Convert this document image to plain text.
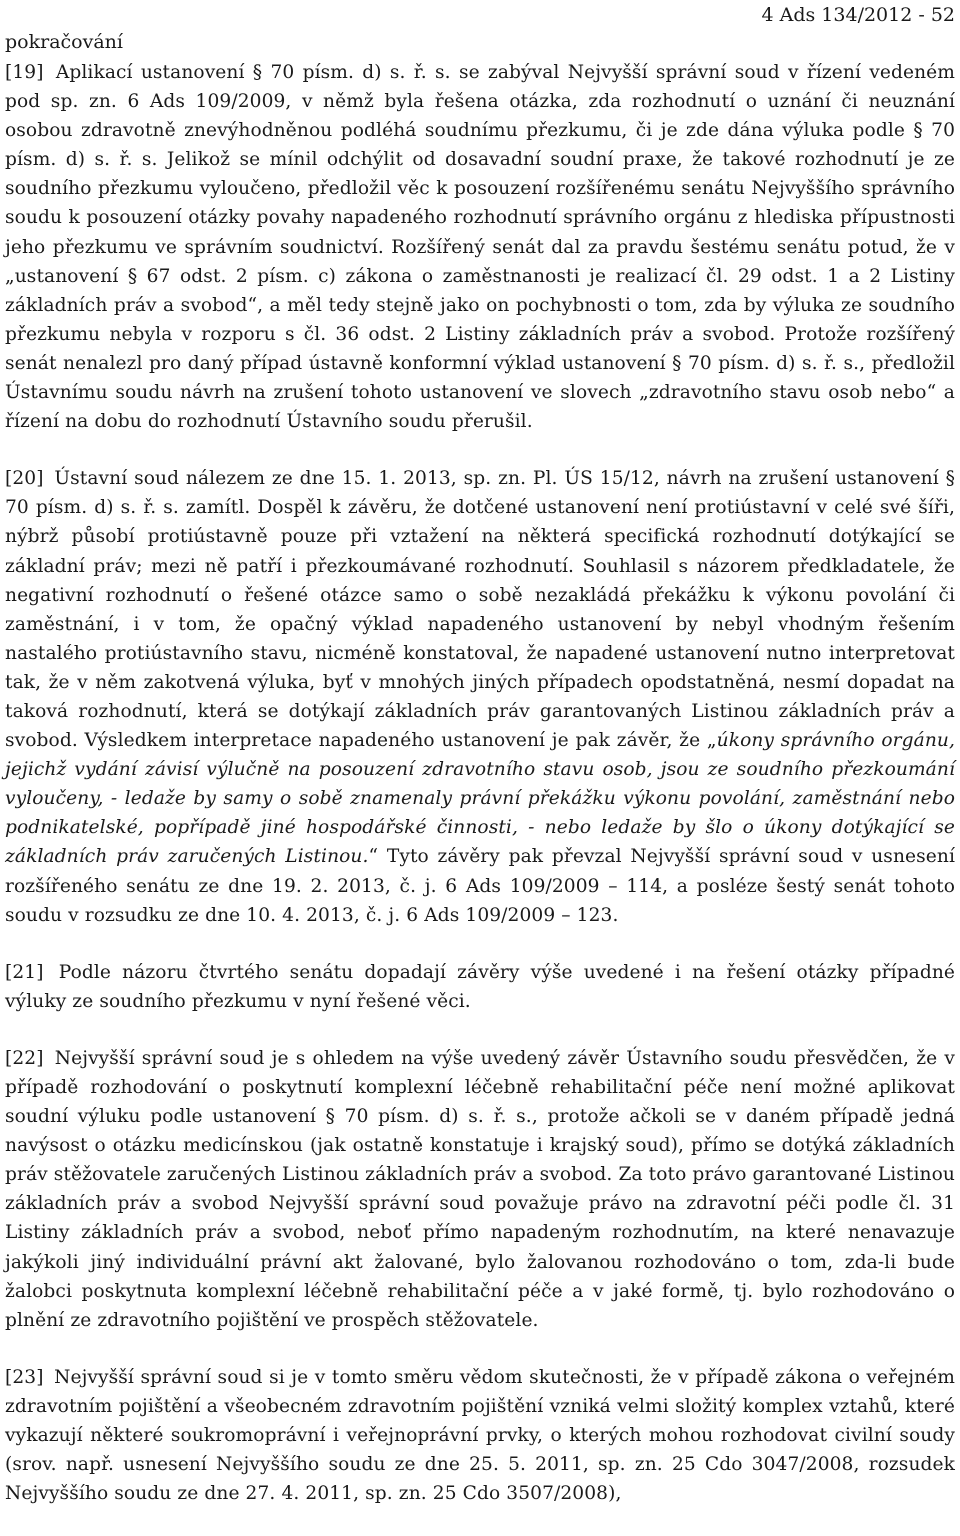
pokračování
4 Ads 134/2012 - 52

[19] Aplikací ustanovení § 70 písm. d) s. ř. s. se zabýval Nejvyšší správní soud v řízení vedeném pod sp. zn. 6 Ads 109/2009, v němž byla řešena otázka, zda rozhodnutí o uznání či neuznání osobou zdravotně znevýhodněnou podléhá soudnímu přezkumu, či je zde dána výluka podle § 70 písm. d) s. ř. s. Jelikož se mínil odchýlit od dosavadní soudní praxe, že takové rozhodnutí je ze soudního přezkumu vyloučeno, předložil věc k posouzení rozšířenému senátu Nejvyššího správního soudu k posouzení otázky povahy napadeného rozhodnutí správního orgánu z hlediska přípustnosti jeho přezkumu ve správním soudnictví. Rozšířený senát dal za pravdu šestému senátu potud, že v „ustanovení § 67 odst. 2 písm. c) zákona o zaměstnanosti je realizací čl. 29 odst. 1 a 2 Listiny základních práv a svobod“, a měl tedy stejně jako on pochybnosti o tom, zda by výluka ze soudního přezkumu nebyla v rozporu s čl. 36 odst. 2 Listiny základních práv a svobod. Protože rozšířený senát nenalezl pro daný případ ústavně konformní výklad ustanovení § 70 písm. d) s. ř. s., předložil Ústavnímu soudu návrh na zrušení tohoto ustanovení ve slovech „zdravotního stavu osob nebo“ a řízení na dobu do rozhodnutí Ústavního soudu přerušil.

[20] Ústavní soud nálezem ze dne 15. 1. 2013, sp. zn. Pl. ÚS 15/12, návrh na zrušení ustanovení § 70 písm. d) s. ř. s. zamítl. Dospěl k závěru, že dotčené ustanovení není protiústavní v celé své šíři, nýbrž působí protiústavně pouze při vztažení na některá specifická rozhodnutí dotýkající se základní práv; mezi ně patří i přezkoumávané rozhodnutí. Souhlasil s názorem předkladatele, že negativní rozhodnutí o řešené otázce samo o sobě nezakládá překážku k výkonu povolání či zaměstnání, i v tom, že opačný výklad napadeného ustanovení by nebyl vhodným řešením nastalého protiústavního stavu, nicméně konstatoval, že napadené ustanovení nutno interpretovat tak, že v něm zakotvená výluka, byť v mnohých jiných případech opodstatněná, nesmí dopadat na taková rozhodnutí, která se dotýkají základních práv garantovaných Listinou základních práv a svobod. Výsledkem interpretace napadeného ustanovení je pak závěr, že „úkony správního orgánu, jejichž vydání závisí výlučně na posouzení zdravotního stavu osob, jsou ze soudního přezkoumání vyloučeny, - ledaže by samy o sobě znamenaly právní překážku výkonu povolání, zaměstnání nebo podnikatelské, popřípadě jiné hospodářské činnosti, - nebo ledaže by šlo o úkony dotýkající se základních práv zaručených Listinou.“ Tyto závěry pak převzal Nejvyšší správní soud v usnesení rozšířeného senátu ze dne 19. 2. 2013, č. j. 6 Ads 109/2009 – 114, a posléze šestý senát tohoto soudu v rozsudku ze dne 10. 4. 2013, č. j. 6 Ads 109/2009 – 123.

[21] Podle názoru čtvrtého senátu dopadají závěry výše uvedené i na řešení otázky případné výluky ze soudního přezkumu v nyní řešené věci.

[22] Nejvyšší správní soud je s ohledem na výše uvedený závěr Ústavního soudu přesvědčen, že v případě rozhodování o poskytnutí komplexní léčebně rehabilitační péče není možné aplikovat soudní výluku podle ustanovení § 70 písm. d) s. ř. s., protože ačkoli se v daném případě jedná navýsost o otázku medicínskou (jak ostatně konstatuje i krajský soud), přímo se dotýká základních práv stěžovatele zaručených Listinou základních práv a svobod. Za toto právo garantované Listinou základních práv a svobod Nejvyšší správní soud považuje právo na zdravotní péči podle čl. 31 Listiny základních práv a svobod, neboť přímo napadeným rozhodnutím, na které nenavazuje jakýkoli jiný individuální právní akt žalované, bylo žalovanou rozhodováno o tom, zda-li bude žalobci poskytnuta komplexní léčebně rehabilitační péče a v jaké formě, tj. bylo rozhodováno o plnění ze zdravotního pojištění ve prospěch stěžovatele.

[23] Nejvyšší správní soud si je v tomto směru vědom skutečnosti, že v případě zákona o veřejném zdravotním pojištění a všeobecném zdravotním pojištění vzniká velmi složitý komplex vztahů, které vykazují některé soukromoprávní i veřejnoprávní prvky, o kterých mohou rozhodovat civilní soudy (srov. např. usnesení Nejvyššího soudu ze dne 25. 5. 2011, sp. zn. 25 Cdo 3047/2008, rozsudek Nejvyššího soudu ze dne 27. 4. 2011, sp. zn. 25 Cdo 3507/2008),
